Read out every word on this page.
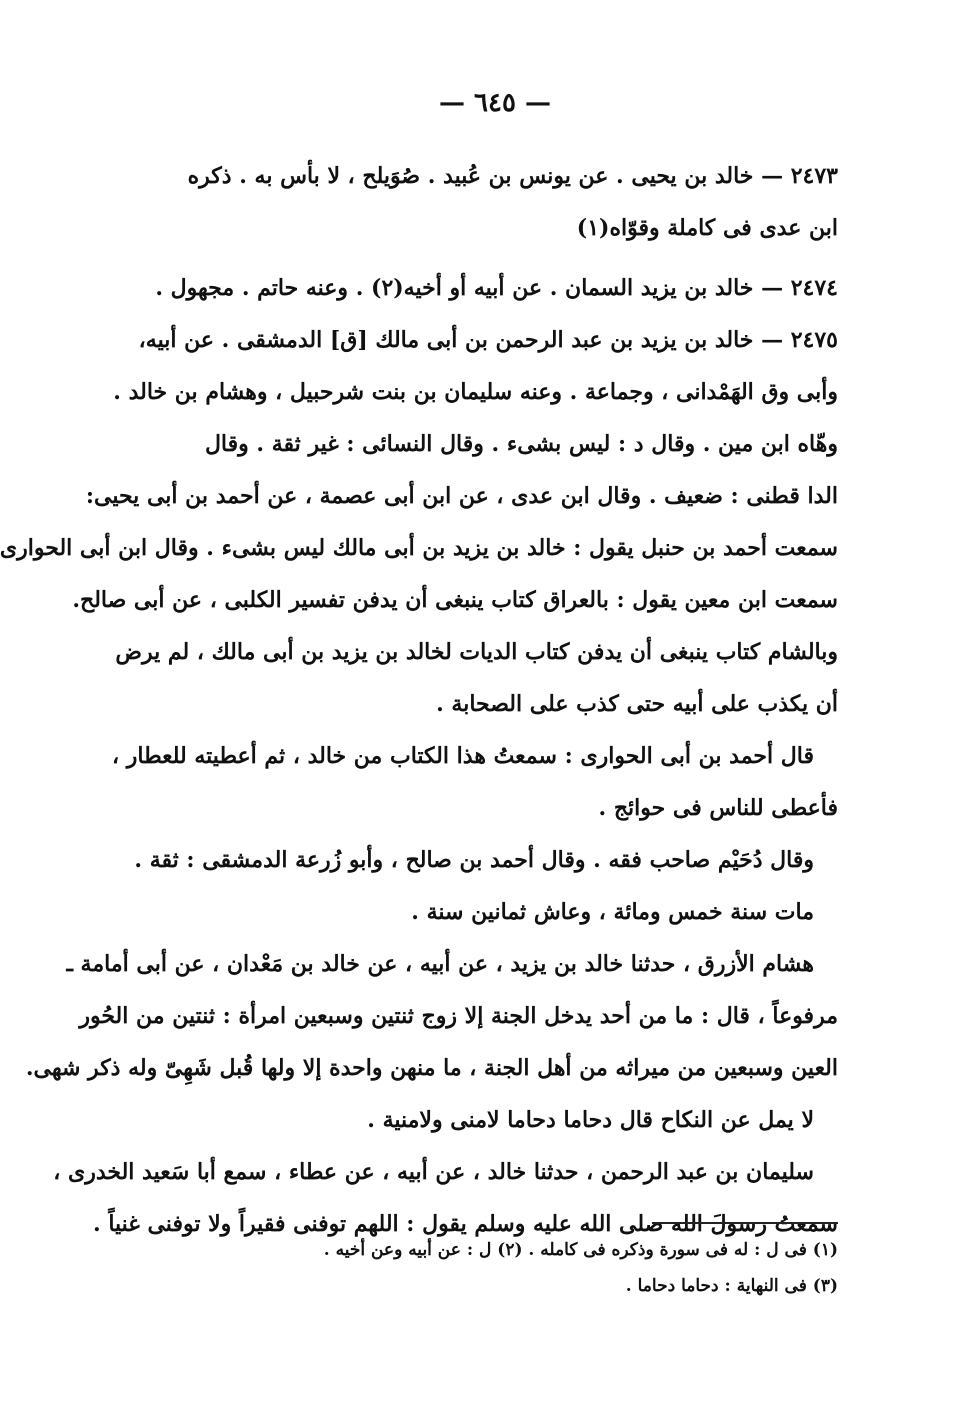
— ٦٤٥ —
٢٤٧٣ — خالد بن يحيى . عن يونس بن عُبيد . صُوَيلح ، لا بأس به . ذكره
ابن عدى فى كاملة وقوّاه(١)
٢٤٧٤ — خالد بن يزيد السمان . عن أبيه أو أخيه(٢) . وعنه حاتم . مجهول .
٢٤٧٥ — خالد بن يزيد بن عبد الرحمن بن أبى مالك [ق] الدمشقى . عن أبيه،
وأبى وق الهَمْدانى ، وجماعة . وعنه سليمان بن بنت شرحبيل ، وهشام بن خالد .
وهّاه ابن مين . وقال د : ليس بشىء . وقال النسائى : غير ثقة . وقال
الدا قطنى : ضعيف . وقال ابن عدى ، عن ابن أبى عصمة ، عن أحمد بن أبى يحيى:
سمعت أحمد بن حنبل يقول : خالد بن يزيد بن أبى مالك ليس بشىء . وقال ابن أبى الحوارى
سمعت ابن معين يقول : بالعراق كتاب ينبغى أن يدفن تفسير الكلبى ، عن أبى صالح.
وبالشام كتاب ينبغى أن يدفن كتاب الديات لخالد بن يزيد بن أبى مالك ، لم يرض
أن يكذب على أبيه حتى كذب على الصحابة .
قال أحمد بن أبى الحوارى : سمعتُ هذا الكتاب من خالد ، ثم أعطيته للعطار ،
فأعطى للناس فى حوائج .
وقال دُحَيْم صاحب فقه . وقال أحمد بن صالح ، وأبو زُرعة الدمشقى : ثقة .
مات سنة خمس ومائة ، وعاش ثمانين سنة .
هشام الأزرق ، حدثنا خالد بن يزيد ، عن أبيه ، عن خالد بن مَعْدان ، عن أبى أمامة ـ
مرفوعاً ، قال : ما من أحد يدخل الجنة إلا زوج ثنتين وسبعين امرأة : ثنتين من الحُور
العين وسبعين من ميراثه من أهل الجنة ، ما منهن واحدة إلا ولها قُبل شَهِىّ وله ذكر شهى.
لا يمل عن النكاح قال دحاما دحاما لامنى ولامنية .
سليمان بن عبد الرحمن ، حدثنا خالد ، عن أبيه ، عن عطاء ، سمع أبا سَعيد الخدرى ،
سمعتُ رسولَ الله صلى الله عليه وسلم يقول : اللهم توفنى فقيراً ولا توفنى غنياً .
(١) فى ل : له فى سورة وذكره فى كامله . (٢) ل : عن أبيه وعن أخيه .
(٣) فى النهاية : دحاما دحاما .
